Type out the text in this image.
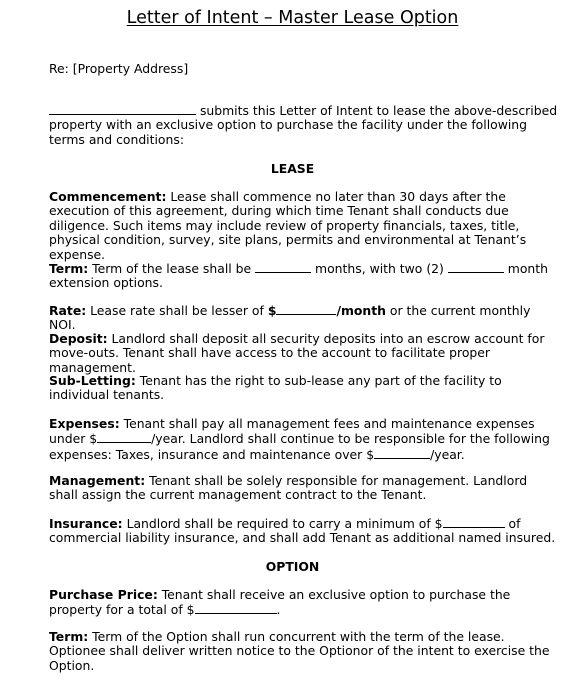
Letter of Intent – Master Lease Option
Re: [Property Address]
submits this Letter of Intent to lease the above-described property with an exclusive option to purchase the facility under the following terms and conditions:
LEASE
Commencement: Lease shall commence no later than 30 days after the execution of this agreement, during which time Tenant shall conducts due diligence. Such items may include review of property financials, taxes, title, physical condition, survey, site plans, permits and environmental at Tenant’s expense.
Term: Term of the lease shall be	months, with two (2)	month extension options.
Rate: Lease rate shall be lesser of $	/month or the current monthly NOI.
Deposit: Landlord shall deposit all security deposits into an escrow account for move-outs. Tenant shall have access to the account to facilitate proper management.
Sub-Letting: Tenant has the right to sub-lease any part of the facility to individual tenants.
Expenses: Tenant shall pay all management fees and maintenance expenses under $	/year. Landlord shall continue to be responsible for the following expenses: Taxes, insurance and maintenance over $	/year.
Management: Tenant shall be solely responsible for management. Landlord shall assign the current management contract to the Tenant.
Insurance: Landlord shall be required to carry a minimum of $	of commercial liability insurance, and shall add Tenant as additional named insured.
OPTION
Purchase Price: Tenant shall receive an exclusive option to purchase the property for a total of $	.
Term: Term of the Option shall run concurrent with the term of the lease. Optionee shall deliver written notice to the Optionor of the intent to exercise the Option.
